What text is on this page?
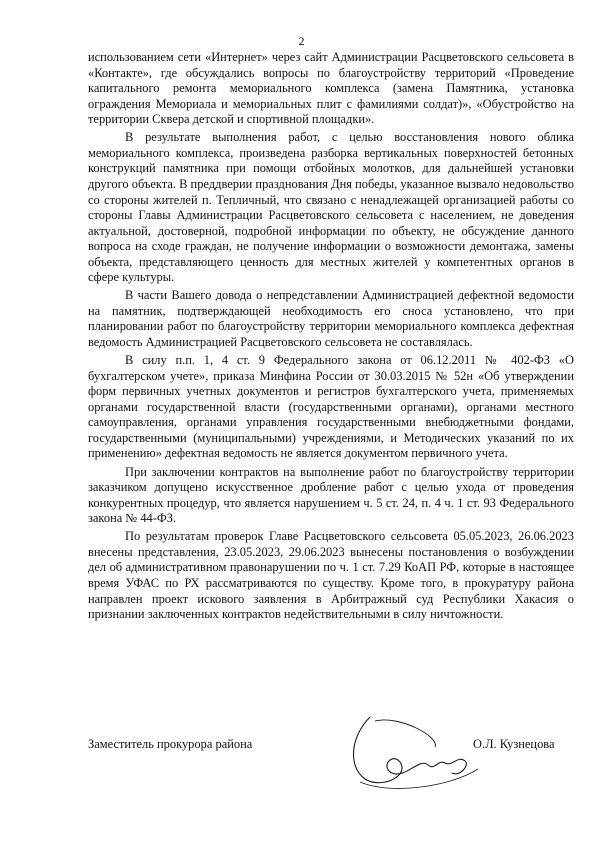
2

использованием сети «Интернет» через сайт Администрации Расцветовского сельсовета в «Контакте», где обсуждались вопросы по благоустройству территорий «Проведение капитального ремонта мемориального комплекса (замена Памятника, установка ограждения Мемориала и мемориальных плит с фамилиями солдат)», «Обустройство на территории Сквера детской и спортивной площадки».

В результате выполнения работ, с целью восстановления нового облика мемориального комплекса, произведена разборка вертикальных поверхностей бетонных конструкций памятника при помощи отбойных молотков, для дальнейшей установки другого объекта. В преддверии празднования Дня победы, указанное вызвало недовольство со стороны жителей п. Тепличный, что связано с ненадлежащей организацией работы со стороны Главы Администрации Расцветовского сельсовета с населением, не доведения актуальной, достоверной, подробной информации по объекту, не обсуждение данного вопроса на сходе граждан, не получение информации о возможности демонтажа, замены объекта, представляющего ценность для местных жителей у компетентных органов в сфере культуры.

В части Вашего довода о непредставлении Администрацией дефектной ведомости на памятник, подтверждающей необходимость его сноса установлено, что при планировании работ по благоустройству территории мемориального комплекса дефектная ведомость Администрацией Расцветовского сельсовета не составлялась.

В силу п.п. 1, 4 ст. 9 Федерального закона от 06.12.2011 № 402-ФЗ «О бухгалтерском учете», приказа Минфина России от 30.03.2015 № 52н «Об утверждении форм первичных учетных документов и регистров бухгалтерского учета, применяемых органами государственной власти (государственными органами), органами местного самоуправления, органами управления государственными внебюджетными фондами, государственными (муниципальными) учреждениями, и Методических указаний по их применению» дефектная ведомость не является документом первичного учета.

При заключении контрактов на выполнение работ по благоустройству территории заказчиком допущено искусственное дробление работ с целью ухода от проведения конкурентных процедур, что является нарушением ч. 5 ст. 24, п. 4 ч. 1 ст. 93 Федерального закона № 44-ФЗ.

По результатам проверок Главе Расцветовского сельсовета 05.05.2023, 26.06.2023 внесены представления, 23.05.2023, 29.06.2023 вынесены постановления о возбуждении дел об административном правонарушении по ч. 1 ст. 7.29 КоАП РФ, которые в настоящее время УФАС по РХ рассматриваются по существу. Кроме того, в прокуратуру района направлен проект искового заявления в Арбитражный суд Республики Хакасия о признании заключенных контрактов недействительными в силу ничтожности.

Заместитель прокурора района	О.Л. Кузнецова
